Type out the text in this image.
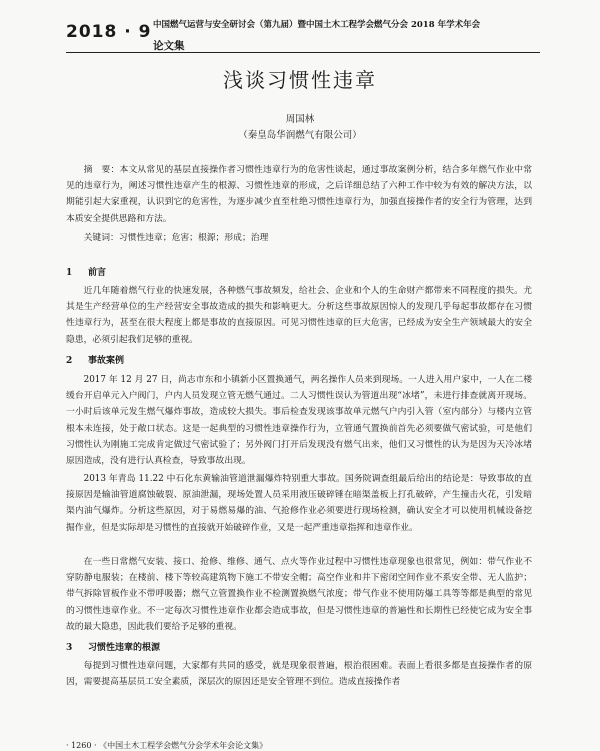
2018 · 9 中国燃气运营与安全研讨会（第九届）暨中国土木工程学会燃气分会 2018 年学术年会
论文集
浅谈习惯性违章
周国林
（秦皇岛华润燃气有限公司）

摘　要：本文从常见的基层直接操作者习惯性违章行为的危害性谈起，通过事故案例分析，结合多年燃气作业中常见的违章行为，阐述习惯性违章产生的根源、习惯性违章的形成，之后详细总结了六种工作中较为有效的解决方法，以期能引起大家重视，认识到它的危害性，为逐步减少直至杜绝习惯性违章行为，加强直接操作者的安全行为管理，达到本质安全提供思路和方法。

关键词：习惯性违章；危害；根源；形成；治理

1 前言

近几年随着燃气行业的快速发展，各种燃气事故频发，给社会、企业和个人的生命财产都带来不同程度的损失。尤其是生产经营单位的生产经营安全事故造成的损失和影响更大。分析这些事故原因惊人的发现几乎每起事故都存在习惯性违章行为，甚至在很大程度上都是事故的直接原因。可见习惯性违章的巨大危害，已经成为安全生产领域最大的安全隐患，必须引起我们足够的重视。

2 事故案例

2017 年 12 月 27 日，尚志市东和小镇新小区置换通气，两名操作人员来到现场。一人进入用户家中，一人在二楼缓台开启单元入户阀门，户内人员发现立管无燃气通过。二人习惯性误认为管道出现“冰堵”，未进行排查就离开现场。一小时后该单元发生燃气爆炸事故，造成较大损失。事后检查发现该事故单元燃气户内引入管（室内部分）与楼内立管根本未连接，处于敞口状态。这是一起典型的习惯性违章操作行为，立管通气置换前首先必须要做气密试验，可是他们习惯性认为刚施工完成肯定做过气密试验了；另外阀门打开后发现没有燃气出来，他们又习惯性的认为是因为天冷冰堵原因造成，没有进行认真检查，导致事故出现。

2013 年青岛 11.22 中石化东黄输油管道泄漏爆炸特别重大事故。国务院调查组最后给出的结论是：导致事故的直接原因是输油管道腐蚀破裂、原油泄漏，现场处置人员采用液压破碎锤在暗渠盖板上打孔破碎，产生撞击火花，引发暗渠内油气爆炸。分析这些原因，对于易燃易爆的油、气抢修作业必须要进行现场检测，确认安全才可以使用机械设备挖掘作业，但是实际却是习惯性的直接就开始破碎作业，又是一起严重违章指挥和违章作业。

在一些日常燃气安装、接口、抢修、维修、通气、点火等作业过程中习惯性违章现象也很常见，例如：带气作业不穿防静电服装；在楼前、楼下等较高建筑物下施工不带安全帽；高空作业和井下密闭空间作业不系安全带、无人监护；带气拆除冒板作业不带呼吸器；燃气立管置换作业不检测置换燃气浓度；带气作业不使用防爆工具等等都是典型的常见的习惯性违章作业。不一定每次习惯性违章作业都会造成事故，但是习惯性违章的普遍性和长期性已经使它成为安全事故的最大隐患，因此我们要给予足够的重视。

3 习惯性违章的根源

每提到习惯性违章问题，大家都有共同的感受，就是现象很普遍，根治很困难。表面上看很多都是直接操作者的原因，需要提高基层员工安全素质，深层次的原因还是安全管理不到位。造成直接操作者

· 1260 · 《中国土木工程学会燃气分会学术年会论文集》
